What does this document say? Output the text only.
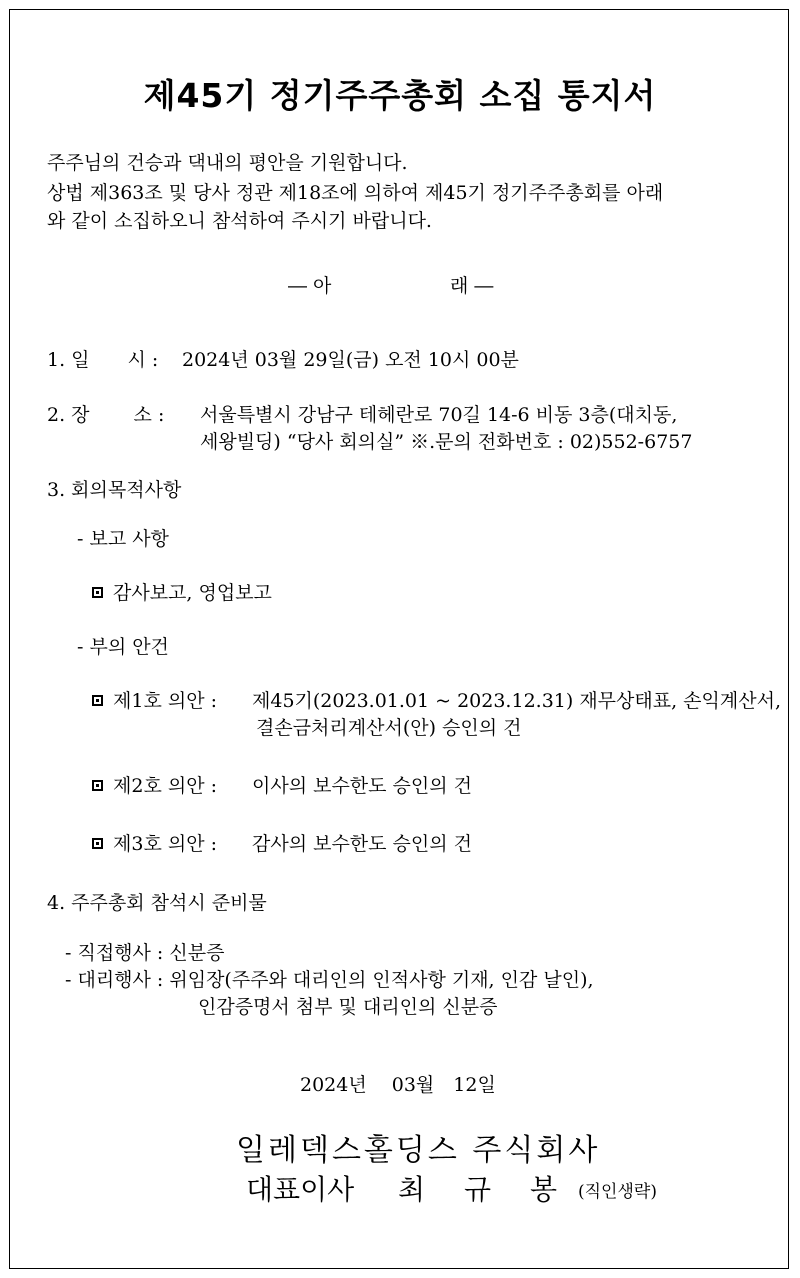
제45기 정기주주총회 소집 통지서
주주님의 건승과 댁내의 평안을 기원합니다.
상법 제363조 및 당사 정관 제18조에 의하여 제45기 정기주주총회를 아래
와 같이 소집하오니 참석하여 주시기 바랍니다.
― 아	래 ―
1. 일　　시 : 2024년 03월 29일(금) 오전 10시 00분
2. 장　　 소 : 서울특별시 강남구 테헤란로 70길 14-6 비동 3층(대치동,
세왕빌딩) “당사 회의실” ※.문의 전화번호 : 02)552-6757
3. 회의목적사항
- 보고 사항
감사보고, 영업보고
- 부의 안건
제1호 의안 : 제45기(2023.01.01 ~ 2023.12.31) 재무상태표, 손익계산서,
결손금처리계산서(안) 승인의 건
제2호 의안 : 이사의 보수한도 승인의 건
제3호 의안 : 감사의 보수한도 승인의 건
4. 주주총회 참석시 준비물
- 직접행사 : 신분증
- 대리행사 : 위임장(주주와 대리인의 인적사항 기재, 인감 날인),
인감증명서 첨부 및 대리인의 신분증
2024년　 03월　12일
일레덱스홀딩스 주식회사
대표이사 최 규 봉 (직인생략)
